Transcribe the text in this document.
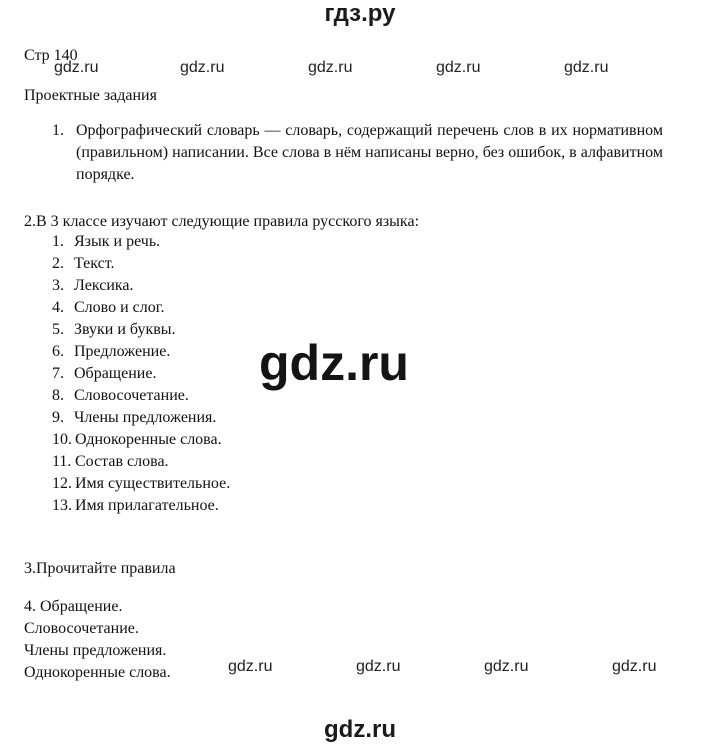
гдз.ру
Стр 140
gdz.ru	gdz.ru	gdz.ru	gdz.ru	gdz.ru
Проектные задания
1. Орфографический словарь — словарь, содержащий перечень слов в их нормативном (правильном) написании. Все слова в нём написаны верно, без ошибок, в алфавитном порядке.
2.В 3 классе изучают следующие правила русского языка:
1. Язык и речь.
2. Текст.
3. Лексика.
4. Слово и слог.
5. Звуки и буквы.
6. Предложение.
7. Обращение.
8. Словосочетание.
9. Члены предложения.
10. Однокоренные слова.
11. Состав слова.
12. Имя существительное.
13. Имя прилагательное.
gdz.ru
3.Прочитайте правила
4. Обращение.
Словосочетание.
Члены предложения.
Однокоренные слова.	gdz.ru	gdz.ru	gdz.ru	gdz.ru
gdz.ru
